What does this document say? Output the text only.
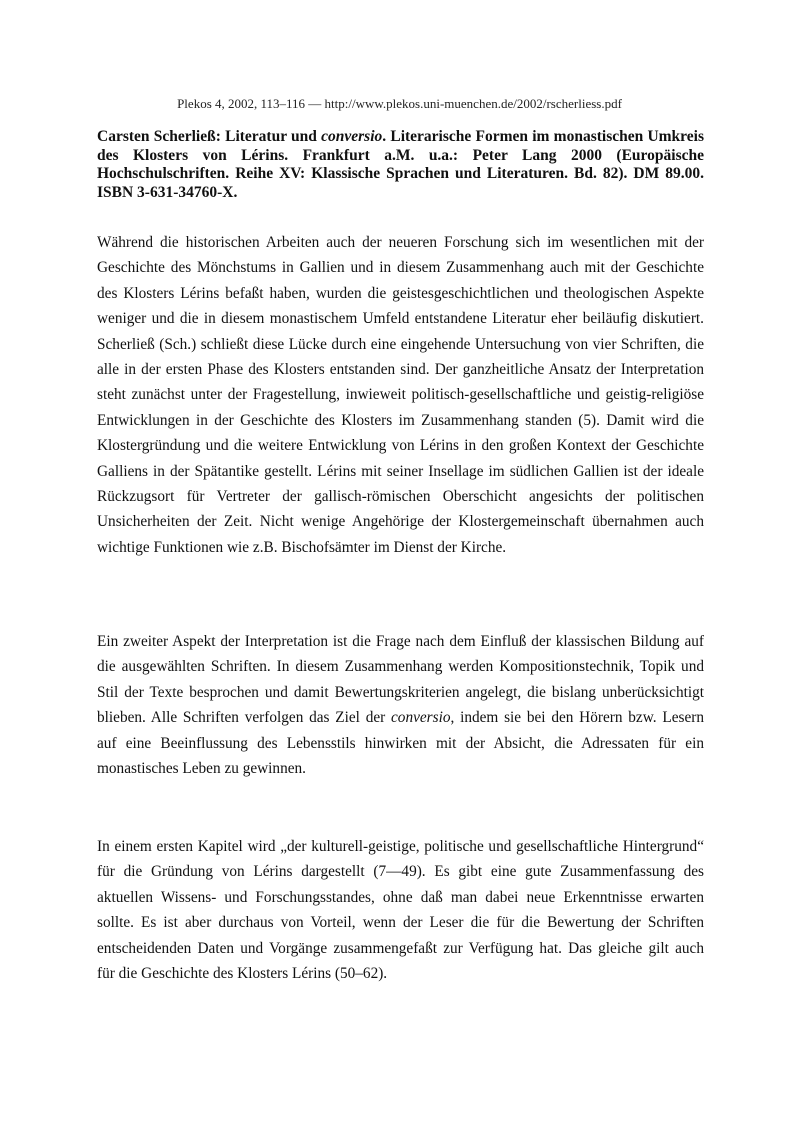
Plekos 4, 2002, 113–116 — http://www.plekos.uni-muenchen.de/2002/rscherliess.pdf
Carsten Scherließ: Literatur und conversio. Literarische Formen im monastischen Umkreis
des Klosters von Lérins. Frankfurt a.M. u.a.: Peter Lang 2000 (Europäische
Hochschulschriften. Reihe XV: Klassische Sprachen und Literaturen. Bd. 82). DM 89.00.
ISBN 3-631-34760-X.
Während die historischen Arbeiten auch der neueren Forschung sich im wesentlichen mit der
Geschichte des Mönchstums in Gallien und in diesem Zusammenhang auch mit der Geschichte
des Klosters Lérins befaßt haben, wurden die geistesgeschichtlichen und theologischen Aspekte
weniger und die in diesem monastischem Umfeld entstandene Literatur eher beiläufig diskutiert.
Scherließ (Sch.) schließt diese Lücke durch eine eingehende Untersuchung von vier Schriften, die
alle in der ersten Phase des Klosters entstanden sind. Der ganzheitliche Ansatz der Interpretation
steht zunächst unter der Fragestellung, inwieweit politisch-gesellschaftliche und geistig-religiöse
Entwicklungen in der Geschichte des Klosters im Zusammenhang standen (5). Damit wird die
Klostergründung und die weitere Entwicklung von Lérins in den großen Kontext der Geschichte
Galliens in der Spätantike gestellt. Lérins mit seiner Insellage im südlichen Gallien ist der ideale
Rückzugsort für Vertreter der gallisch-römischen Oberschicht angesichts der politischen
Unsicherheiten der Zeit. Nicht wenige Angehörige der Klostergemeinschaft übernahmen auch
wichtige Funktionen wie z.B. Bischofsämter im Dienst der Kirche.
Ein zweiter Aspekt der Interpretation ist die Frage nach dem Einfluß der klassischen Bildung auf
die ausgewählten Schriften. In diesem Zusammenhang werden Kompositionstechnik, Topik und
Stil der Texte besprochen und damit Bewertungskriterien angelegt, die bislang unberücksichtigt
blieben. Alle Schriften verfolgen das Ziel der conversio, indem sie bei den Hörern bzw. Lesern
auf eine Beeinflussung des Lebensstils hinwirken mit der Absicht, die Adressaten für ein
monastisches Leben zu gewinnen.
In einem ersten Kapitel wird „der kulturell-geistige, politische und gesellschaftliche Hintergrund“
für die Gründung von Lérins dargestellt (7—49). Es gibt eine gute Zusammenfassung des
aktuellen Wissens- und Forschungsstandes, ohne daß man dabei neue Erkenntnisse erwarten
sollte. Es ist aber durchaus von Vorteil, wenn der Leser die für die Bewertung der Schriften
entscheidenden Daten und Vorgänge zusammengefaßt zur Verfügung hat. Das gleiche gilt auch
für die Geschichte des Klosters Lérins (50–62).
